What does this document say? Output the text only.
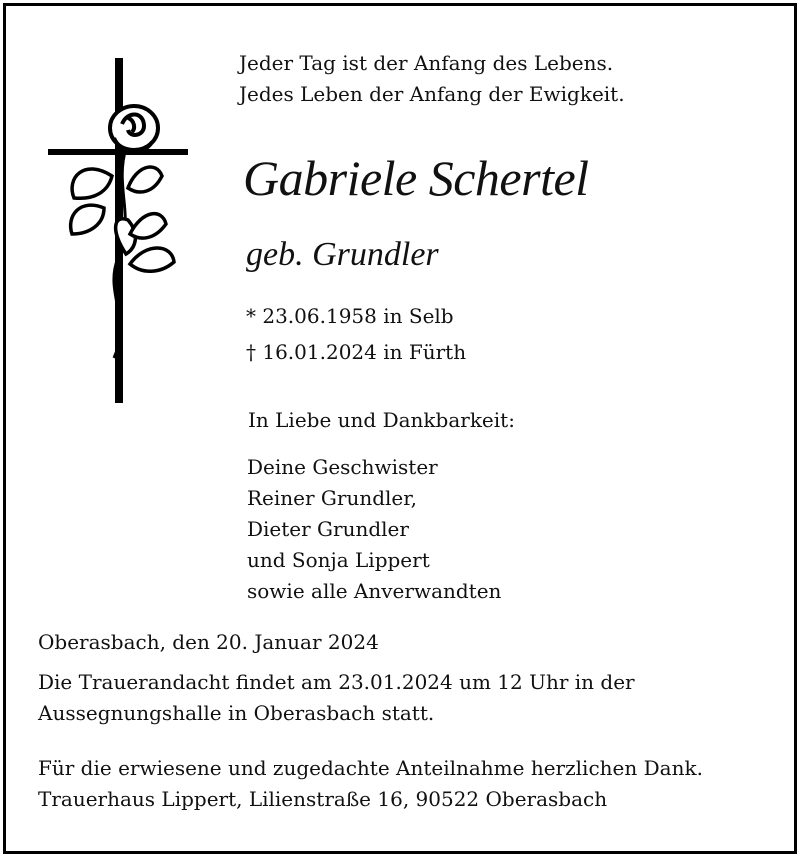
Jeder Tag ist der Anfang des Lebens.
Jedes Leben der Anfang der Ewigkeit.
Gabriele Schertel
geb. Grundler
* 23.06.1958 in Selb
† 16.01.2024 in Fürth
In Liebe und Dankbarkeit:
Deine Geschwister
Reiner Grundler,
Dieter Grundler
und Sonja Lippert
sowie alle Anverwandten
Oberasbach, den 20. Januar 2024
Die Trauerandacht findet am 23.01.2024 um 12 Uhr in der
Aussegnungshalle in Oberasbach statt.
Für die erwiesene und zugedachte Anteilnahme herzlichen Dank.
Trauerhaus Lippert, Lilienstraße 16, 90522 Oberasbach
